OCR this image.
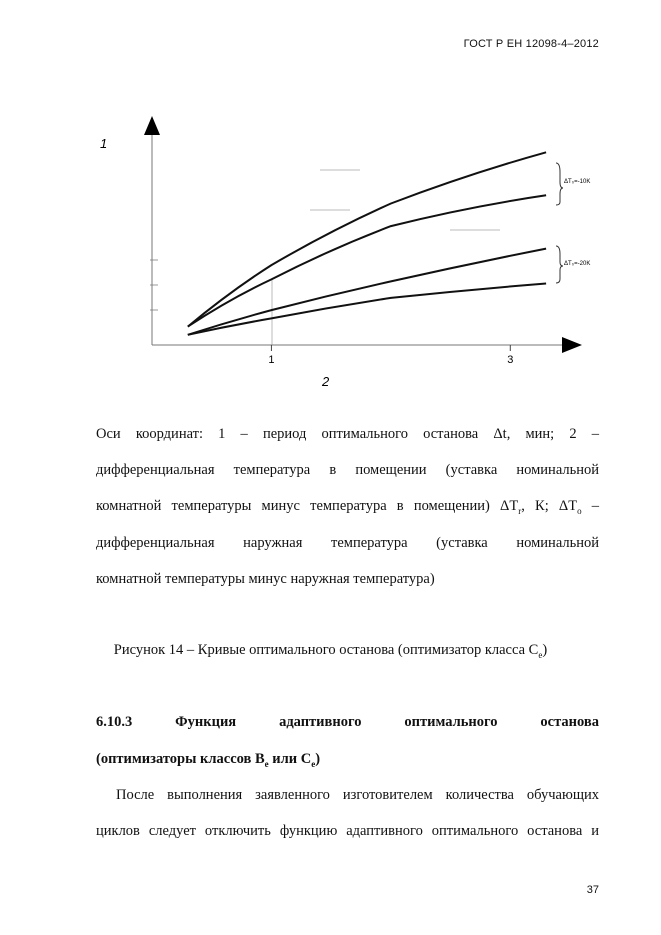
ГОСТ Р ЕН 12098-4–2012
1	3
1
2
ΔT₀=-10K
ΔT₀=-20K
Оси координат: 1 – период оптимального останова Δt, мин; 2 –
дифференциальная температура в помещении (уставка номинальной
комнатной температуры минус температура в помещении) $\Delta T_r$, К; $\Delta T_o$ –
дифференциальная наружная температура (уставка номинальной
комнатной температуры минус наружная температура)
Рисунок 14 – Кривые оптимального останова (оптимизатор класса $C_e$)
6.10.3	Функция	адаптивного	оптимального	останова
(оптимизаторы классов $B_e$ или $C_e$)
После выполнения заявленного изготовителем количества обучающих
циклов следует отключить функцию адаптивного оптимального останова и
37
